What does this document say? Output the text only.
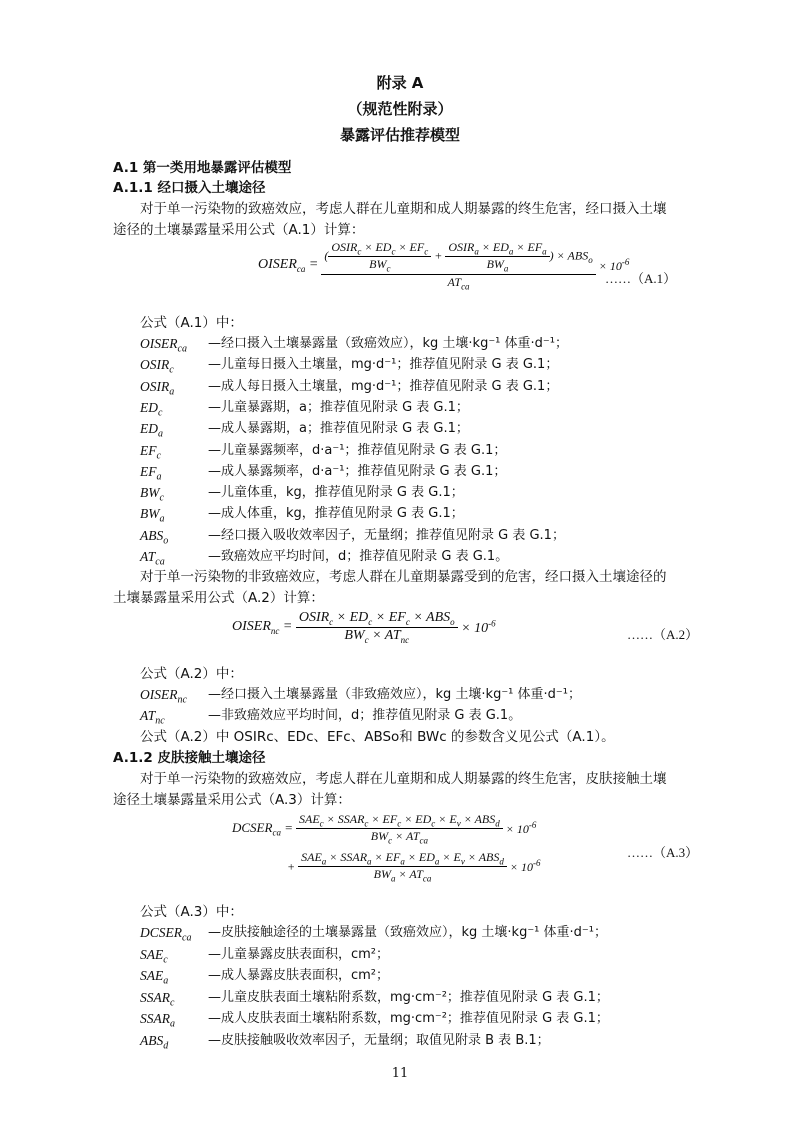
附录 A
（规范性附录）
暴露评估推荐模型
A.1 第一类用地暴露评估模型
A.1.1 经口摄入土壤途径
对于单一污染物的致癌效应，考虑人群在儿童期和成人期暴露的终生危害，经口摄入土壤
途径的土壤暴露量采用公式（A.1）计算：
$OISER_{ca} = \frac{( \frac{OSIR_c \times ED_c \times EF_c}{BW_c} + \frac{OSIR_a \times ED_a \times EF_a}{BW_a} ) \times ABS_o}{AT_{ca}} \times 10^{-6}$
……（A.1）
公式（A.1）中：
$OISER_{ca}$ —经口摄入土壤暴露量（致癌效应），kg 土壤·kg⁻¹ 体重·d⁻¹；
$OSIR_c$	—儿童每日摄入土壤量，mg·d⁻¹；推荐值见附录 G 表 G.1；
$OSIR_a$	—成人每日摄入土壤量，mg·d⁻¹；推荐值见附录 G 表 G.1；
$ED_c$	—儿童暴露期，a；推荐值见附录 G 表 G.1；
$ED_a$	—成人暴露期，a；推荐值见附录 G 表 G.1；
$EF_c$	—儿童暴露频率，d·a⁻¹；推荐值见附录 G 表 G.1；
$EF_a$	—成人暴露频率，d·a⁻¹；推荐值见附录 G 表 G.1；
$BW_c$	—儿童体重，kg，推荐值见附录 G 表 G.1；
$BW_a$	—成人体重，kg，推荐值见附录 G 表 G.1；
$ABS_o$	—经口摄入吸收效率因子，无量纲；推荐值见附录 G 表 G.1；
$AT_{ca}$	—致癌效应平均时间，d；推荐值见附录 G 表 G.1。
对于单一污染物的非致癌效应，考虑人群在儿童期暴露受到的危害，经口摄入土壤途径的
土壤暴露量采用公式（A.2）计算：
$OISER_{nc} = \frac{OSIR_c \times ED_c \times EF_c \times ABS_o}{BW_c \times AT_{nc}} \times 10^{-6}$
……（A.2）
公式（A.2）中：
$OISER_{nc}$ —经口摄入土壤暴露量（非致癌效应），kg 土壤·kg⁻¹ 体重·d⁻¹；
$AT_{nc}$	—非致癌效应平均时间，d；推荐值见附录 G 表 G.1。
公式（A.2）中 OSIRc、EDc、EFc、ABSo和 BWc 的参数含义见公式（A.1）。
A.1.2 皮肤接触土壤途径
对于单一污染物的致癌效应，考虑人群在儿童期和成人期暴露的终生危害，皮肤接触土壤
途径土壤暴露量采用公式（A.3）计算：
$DCSER_{ca} = \frac{SAE_c \times SSAR_c \times EF_c \times ED_c \times E_v \times ABS_d}{BW_c \times AT_{ca}} \times 10^{-6}$
+ $\frac{SAE_a \times SSAR_a \times EF_a \times ED_a \times E_v \times ABS_d}{BW_a \times AT_{ca}} \times 10^{-6}$
……（A.3）
公式（A.3）中：
$DCSER_{ca}$ —皮肤接触途径的土壤暴露量（致癌效应），kg 土壤·kg⁻¹ 体重·d⁻¹；
$SAE_c$	—儿童暴露皮肤表面积，cm²；
$SAE_a$	—成人暴露皮肤表面积，cm²；
$SSAR_c$	—儿童皮肤表面土壤粘附系数，mg·cm⁻²；推荐值见附录 G 表 G.1；
$SSAR_a$	—成人皮肤表面土壤粘附系数，mg·cm⁻²；推荐值见附录 G 表 G.1；
$ABS_d$	—皮肤接触吸收效率因子，无量纲；取值见附录 B 表 B.1；
11
